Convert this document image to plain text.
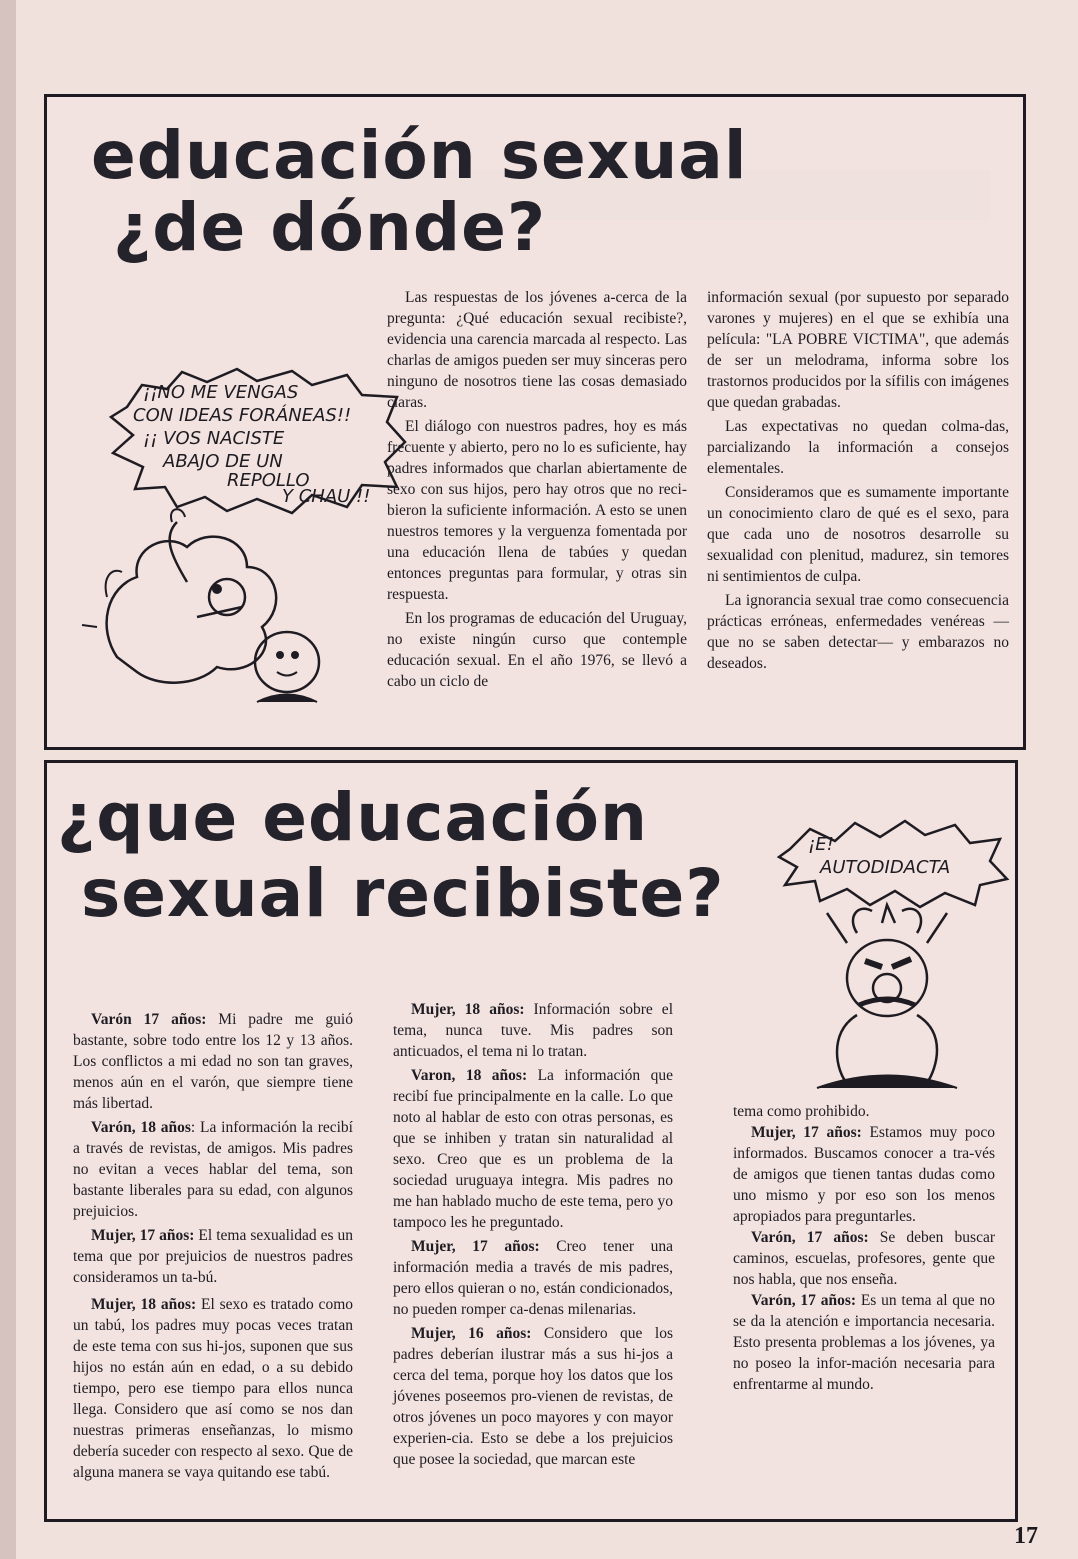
educación sexual
¿de dónde?
¡¡NO ME VENGAS
CON IDEAS FORÁNEAS!!
¡¡ VOS NACISTE
ABAJO DE UN
REPOLLO
Y CHAU !!

Las respuestas de los jóvenes a-cerca de la pregunta: ¿Qué educación sexual recibiste?, evidencia una carencia marcada al respecto. Las charlas de amigos pueden ser muy sinceras pero ninguno de nosotros tiene las cosas demasiado claras.

El diálogo con nuestros padres, hoy es más frecuente y abierto, pero no lo es suficiente, hay padres informados que charlan abiertamente de sexo con sus hijos, pero hay otros que no reci-bieron la suficiente información. A esto se unen nuestros temores y la verguenza fomentada por una educación llena de tabúes y quedan entonces preguntas para formular, y otras sin respuesta.

En los programas de educación del Uruguay, no existe ningún curso que contemple educación sexual. En el año 1976, se llevó a cabo un ciclo de

información sexual (por supuesto por separado varones y mujeres) en el que se exhibía una película: "LA POBRE VICTIMA", que además de ser un melodrama, informa sobre los trastornos producidos por la sífilis con imágenes que quedan grabadas.

Las expectativas no quedan colma-das, parcializando la información a consejos elementales.

Consideramos que es sumamente importante un conocimiento claro de qué es el sexo, para que cada uno de nosotros desarrolle su sexualidad con plenitud, madurez, sin temores ni sentimientos de culpa.

La ignorancia sexual trae como consecuencia prácticas erróneas, enfermedades venéreas —que no se saben detectar— y embarazos no deseados.

¿que educación
sexual recibiste?
¡E!
AUTODIDACTA

Varón 17 años: Mi padre me guió bastante, sobre todo entre los 12 y 13 años. Los conflictos a mi edad no son tan graves, menos aún en el varón, que siempre tiene más libertad.

Varón, 18 años: La información la recibí a través de revistas, de amigos. Mis padres no evitan a veces hablar del tema, son bastante liberales para su edad, con algunos prejuicios.

Mujer, 17 años: El tema sexualidad es un tema que por prejuicios de nuestros padres consideramos un ta-bú.

Mujer, 18 años: El sexo es tratado como un tabú, los padres muy pocas veces tratan de este tema con sus hi-jos, suponen que sus hijos no están aún en edad, o a su debido tiempo, pero ese tiempo para ellos nunca llega. Considero que así como se nos dan nuestras primeras enseñanzas, lo mismo debería suceder con respecto al sexo. Que de alguna manera se vaya quitando ese tabú.

Mujer, 18 años: Información sobre el tema, nunca tuve. Mis padres son anticuados, el tema ni lo tratan.

Varon, 18 años: La información que recibí fue principalmente en la calle. Lo que noto al hablar de esto con otras personas, es que se inhiben y tratan sin naturalidad al sexo. Creo que es un problema de la sociedad uruguaya integra. Mis padres no me han hablado mucho de este tema, pero yo tampoco les he preguntado.

Mujer, 17 años: Creo tener una información media a través de mis padres, pero ellos quieran o no, están condicionados, no pueden romper ca-denas milenarias.

Mujer, 16 años: Considero que los padres deberían ilustrar más a sus hi-jos a cerca del tema, porque hoy los datos que los jóvenes poseemos pro-vienen de revistas, de otros jóvenes un poco mayores y con mayor experien-cia. Esto se debe a los prejuicios que posee la sociedad, que marcan este

tema como prohibido.

Mujer, 17 años: Estamos muy poco informados. Buscamos conocer a tra-vés de amigos que tienen tantas dudas como uno mismo y por eso son los menos apropiados para preguntarles.

Varón, 17 años: Se deben buscar caminos, escuelas, profesores, gente que nos habla, que nos enseña.

Varón, 17 años: Es un tema al que no se da la atención e importancia necesaria. Esto presenta problemas a los jóvenes, ya no poseo la infor-mación necesaria para enfrentarme al mundo.

17
